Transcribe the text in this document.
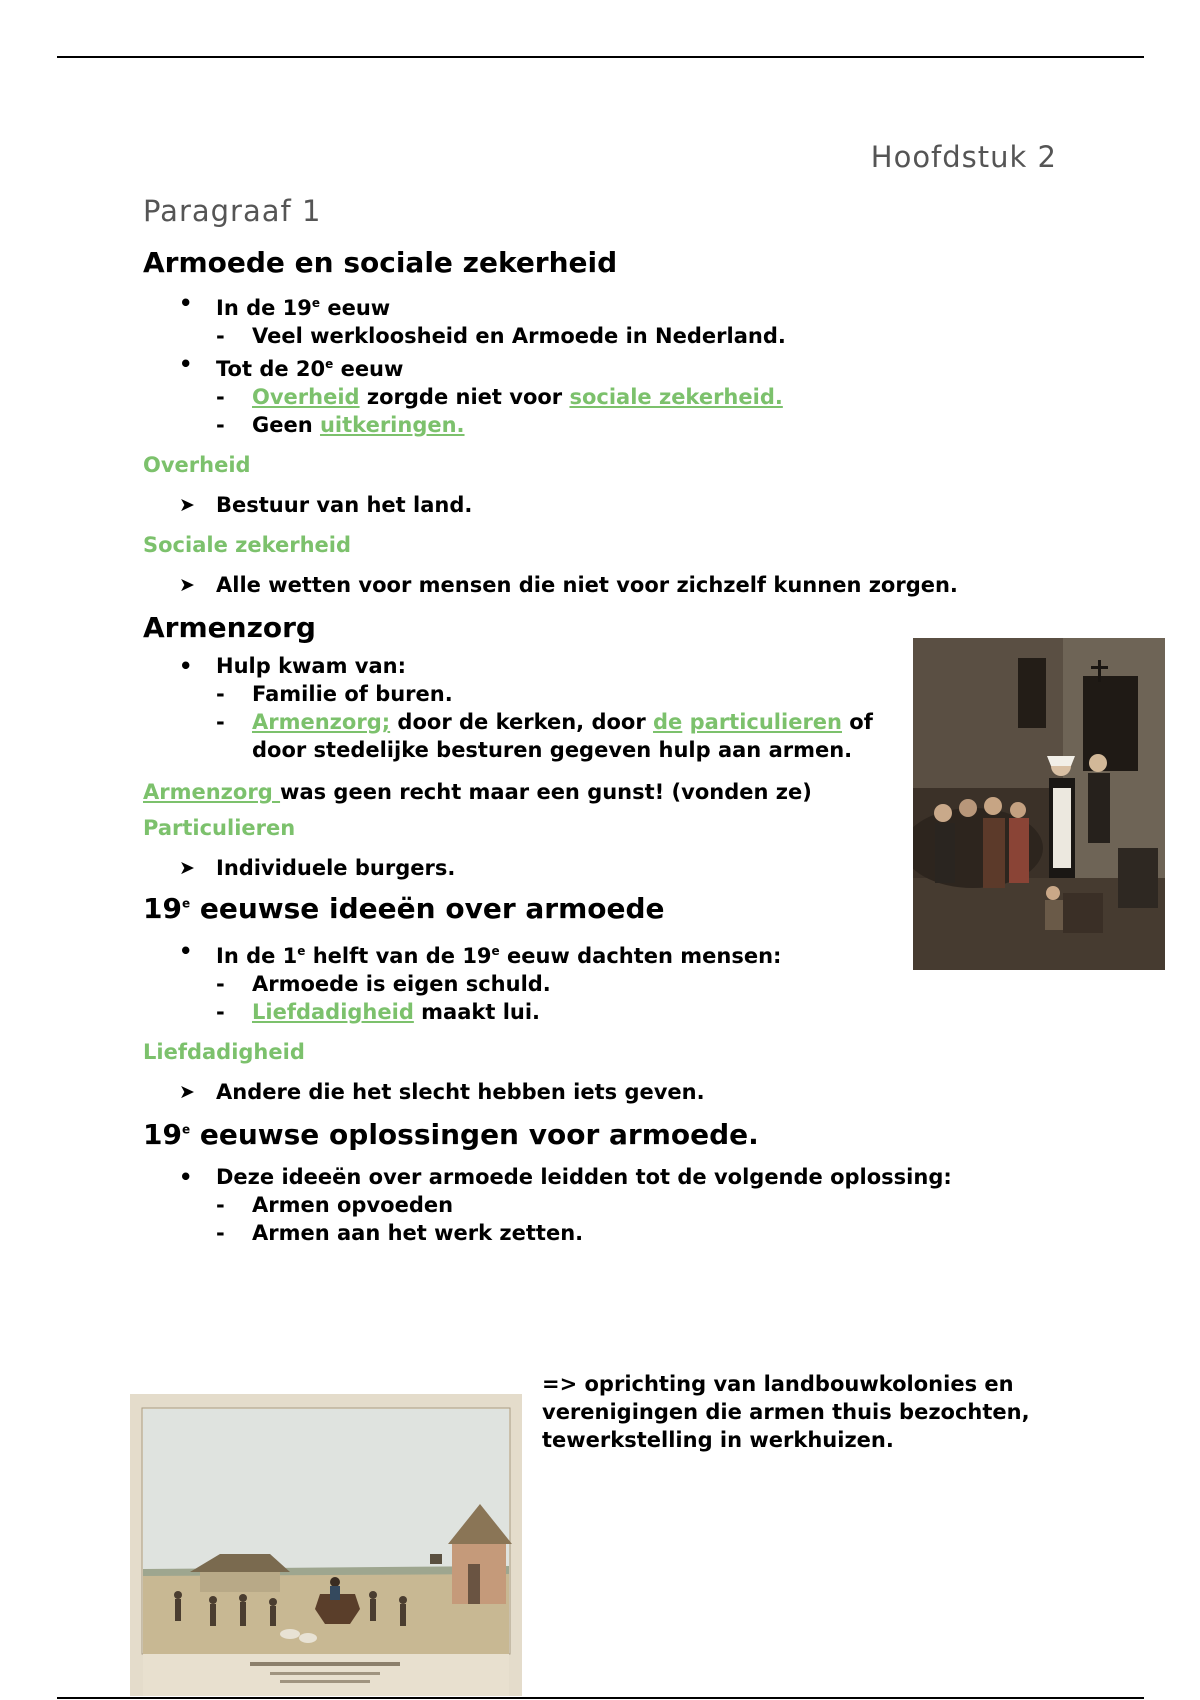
Hoofdstuk 2
Paragraaf 1
Armoede en sociale zekerheid
• In de 19e eeuw
- Veel werkloosheid en Armoede in Nederland.
• Tot de 20e eeuw
- Overheid zorgde niet voor sociale zekerheid.
- Geen uitkeringen.
Overheid
➤ Bestuur van het land.
Sociale zekerheid
➤ Alle wetten voor mensen die niet voor zichzelf kunnen zorgen.
Armenzorg
• Hulp kwam van:
- Familie of buren.
- Armenzorg; door de kerken, door de particulieren of door stedelijke besturen gegeven hulp aan armen.
Armenzorg was geen recht maar een gunst! (vonden ze)
Particulieren
➤ Individuele burgers.
19e eeuwse ideeën over armoede
• In de 1e helft van de 19e eeuw dachten mensen:
- Armoede is eigen schuld.
- Liefdadigheid maakt lui.
Liefdadigheid
➤ Andere die het slecht hebben iets geven.
19e eeuwse oplossingen voor armoede.
• Deze ideeën over armoede leidden tot de volgende oplossing:
- Armen opvoeden
- Armen aan het werk zetten.
=> oprichting van landbouwkolonies en verenigingen die armen thuis bezochten, tewerkstelling in werkhuizen.
